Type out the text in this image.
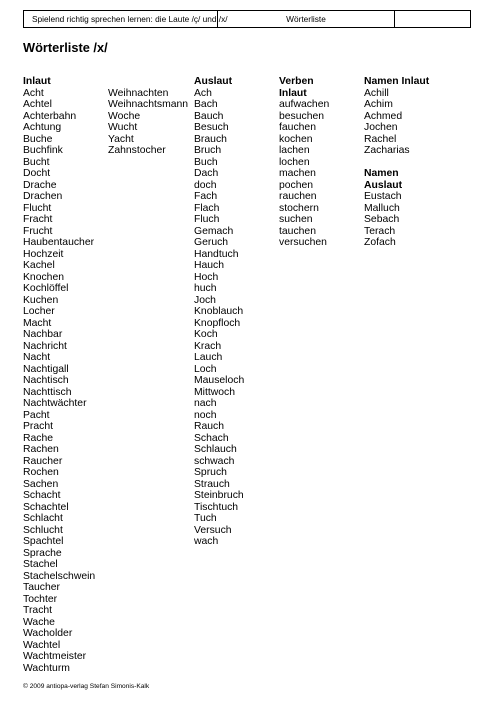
Spielend richtig sprechen lernen: die Laute /ç/ und /x/	Wörterliste
Wörterliste /x/
Inlaut
Acht
Achtel
Achterbahn
Achtung
Buche
Buchfink
Bucht
Docht
Drache
Drachen
Flucht
Fracht
Frucht
Haubentaucher
Hochzeit
Kachel
Knochen
Kochlöffel
Kuchen
Locher
Macht
Nachbar
Nachricht
Nacht
Nachtigall
Nachtisch
Nachttisch
Nachtwächter
Pacht
Pracht
Rache
Rachen
Raucher
Rochen
Sachen
Schacht
Schachtel
Schlacht
Schlucht
Spachtel
Sprache
Stachel
Stachelschwein
Taucher
Tochter
Tracht
Wache
Wacholder
Wachtel
Wachtmeister
Wachturm
Weihnachten
Weihnachtsmann
Woche
Wucht
Yacht
Zahnstocher
Auslaut
Ach
Bach
Bauch
Besuch
Brauch
Bruch
Buch
Dach
doch
Fach
Flach
Fluch
Gemach
Geruch
Handtuch
Hauch
Hoch
huch
Joch
Knoblauch
Knopfloch
Koch
Krach
Lauch
Loch
Mauseloch
Mittwoch
nach
noch
Rauch
Schach
Schlauch
schwach
Spruch
Strauch
Steinbruch
Tischtuch
Tuch
Versuch
wach
Verben
Inlaut
aufwachen
besuchen
fauchen
kochen
lachen
lochen
machen
pochen
rauchen
stochern
suchen
tauchen
versuchen
Namen Inlaut
Achill
Achim
Achmed
Jochen
Rachel
Zacharias
Namen
Auslaut
Eustach
Malluch
Sebach
Terach
Zofach
© 2009 antiopa-verlag Stefan Simonis-Kalk
